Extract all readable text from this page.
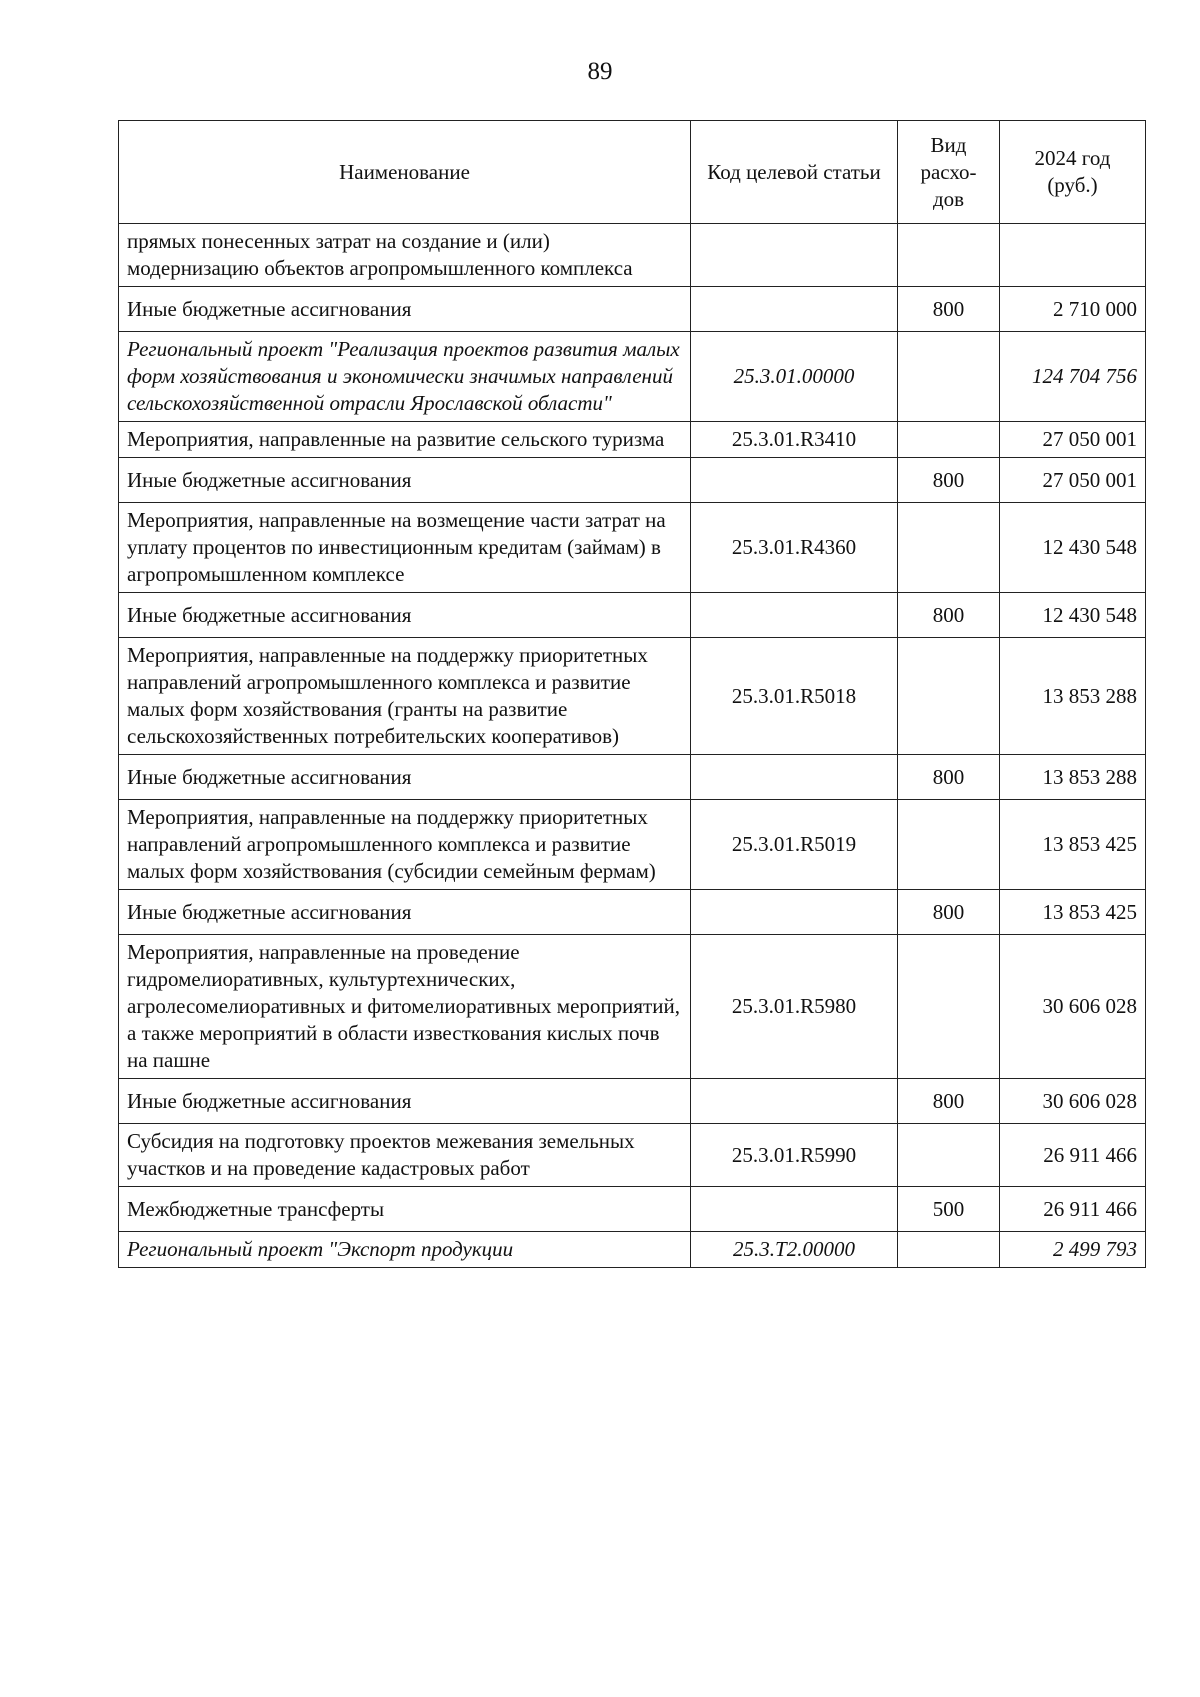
89
Наименование	Код целевой статьи	Вид расхо-дов	2024 год (руб.)
прямых понесенных затрат на создание и (или) модернизацию объектов агропромышленного комплекса			
Иные бюджетные ассигнования		800	2 710 000
Региональный проект "Реализация проектов развития малых форм хозяйствования и экономически значимых направлений сельскохозяйственной отрасли Ярославской области"	25.3.01.00000		124 704 756
Мероприятия, направленные на развитие сельского туризма	25.3.01.R3410		27 050 001
Иные бюджетные ассигнования		800	27 050 001
Мероприятия, направленные на возмещение части затрат на уплату процентов по инвестиционным кредитам (займам) в агропромышленном комплексе	25.3.01.R4360		12 430 548
Иные бюджетные ассигнования		800	12 430 548
Мероприятия, направленные на поддержку приоритетных направлений агропромышленного комплекса и развитие малых форм хозяйствования (гранты на развитие сельскохозяйственных потребительских кооперативов)	25.3.01.R5018		13 853 288
Иные бюджетные ассигнования		800	13 853 288
Мероприятия, направленные на поддержку приоритетных направлений агропромышленного комплекса и развитие малых форм хозяйствования (субсидии семейным фермам)	25.3.01.R5019		13 853 425
Иные бюджетные ассигнования		800	13 853 425
Мероприятия, направленные на проведение гидромелиоративных, культуртехнических, агролесомелиоративных и фитомелиоративных мероприятий, а также мероприятий в области известкования кислых почв на пашне	25.3.01.R5980		30 606 028
Иные бюджетные ассигнования		800	30 606 028
Субсидия на подготовку проектов межевания земельных участков и на проведение кадастровых работ	25.3.01.R5990		26 911 466
Межбюджетные трансферты		500	26 911 466
Региональный проект "Экспорт продукции	25.3.T2.00000		2 499 793
